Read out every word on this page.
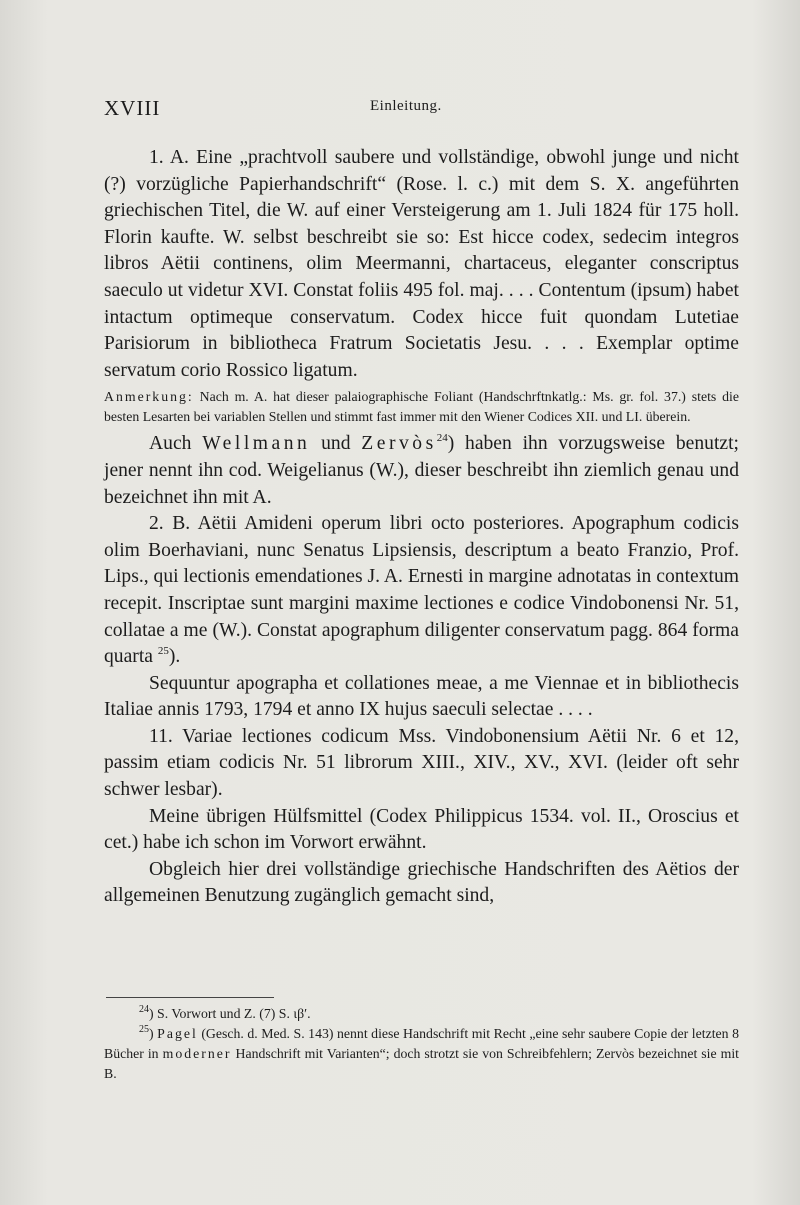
XVIII	Einleitung.

1. A. Eine „prachtvoll saubere und vollständige, obwohl junge und nicht (?) vorzügliche Papierhandschrift“ (Rose. l. c.) mit dem S. X. angeführten griechischen Titel, die W. auf einer Versteigerung am 1. Juli 1824 für 175 holl. Florin kaufte. W. selbst beschreibt sie so: Est hicce codex, sedecim integros libros Aëtii continens, olim Meermanni, chartaceus, eleganter conscriptus saeculo ut videtur XVI. Constat foliis 495 fol. maj. . . . Contentum (ipsum) habet intactum optimeque conservatum. Codex hicce fuit quondam Lutetiae Parisiorum in bibliotheca Fratrum Societatis Jesu. . . . Exemplar optime servatum corio Rossico ligatum.

Anmerkung: Nach m. A. hat dieser palaiographische Foliant (Handschrftnkatlg.: Ms. gr. fol. 37.) stets die besten Lesarten bei variablen Stellen und stimmt fast immer mit den Wiener Codices XII. und LI. überein.

Auch Wellmann und Zervòs$^{24}$) haben ihn vorzugsweise benutzt; jener nennt ihn cod. Weigelianus (W.), dieser beschreibt ihn ziemlich genau und bezeichnet ihn mit A.

2. B. Aëtii Amideni operum libri octo posteriores. Apographum codicis olim Boerhaviani, nunc Senatus Lipsiensis, descriptum a beato Franzio, Prof. Lips., qui lectionis emendationes J. A. Ernesti in margine adnotatas in contextum recepit. Inscriptae sunt margini maxime lectiones e codice Vindobonensi Nr. 51, collatae a me (W.). Constat apographum diligenter conservatum pagg. 864 forma quarta $^{25}$).

Sequuntur apographa et collationes meae, a me Viennae et in bibliothecis Italiae annis 1793, 1794 et anno IX hujus saeculi selectae . . . .

11. Variae lectiones codicum Mss. Vindobonensium Aëtii Nr. 6 et 12, passim etiam codicis Nr. 51 librorum XIII., XIV., XV., XVI. (leider oft sehr schwer lesbar).

Meine übrigen Hülfsmittel (Codex Philippicus 1534. vol. II., Oroscius et cet.) habe ich schon im Vorwort erwähnt.

Obgleich hier drei vollständige griechische Handschriften des Aëtios der allgemeinen Benutzung zugänglich gemacht sind,

$^{24}$) S. Vorwort und Z. (7) S. ιβ′.

$^{25}$) Pagel (Gesch. d. Med. S. 143) nennt diese Handschrift mit Recht „eine sehr saubere Copie der letzten 8 Bücher in moderner Handschrift mit Varianten“; doch strotzt sie von Schreibfehlern; Zervòs bezeichnet sie mit B.
